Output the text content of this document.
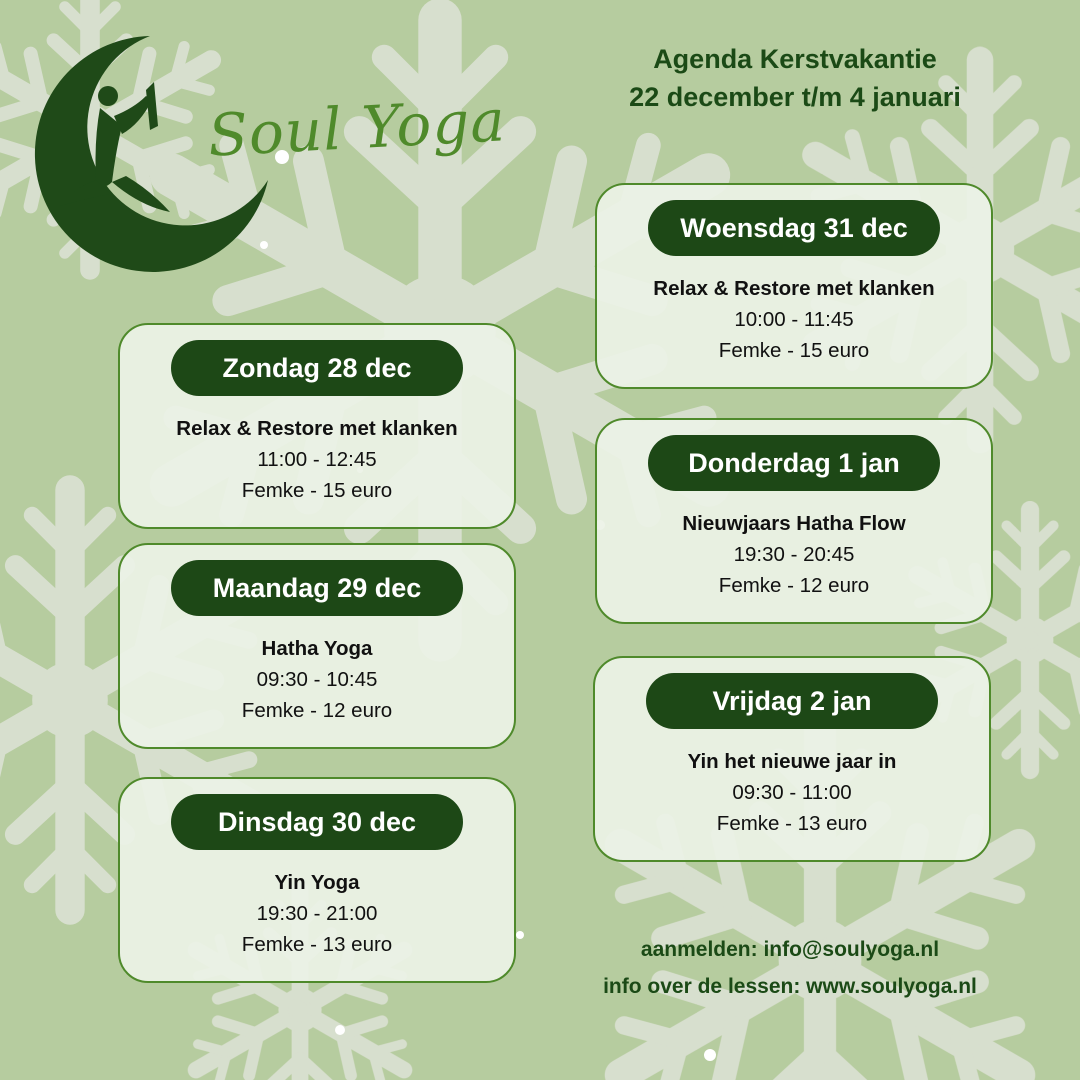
Soul Yoga
Agenda Kerstvakantie
22 december t/m 4 januari
Zondag 28 dec
Relax & Restore met klanken
11:00 - 12:45
Femke - 15 euro
Maandag 29 dec
Hatha Yoga
09:30 - 10:45
Femke - 12 euro
Dinsdag 30 dec
Yin Yoga
19:30 - 21:00
Femke - 13 euro
Woensdag 31 dec
Relax & Restore met klanken
10:00 - 11:45
Femke - 15 euro
Donderdag 1 jan
Nieuwjaars Hatha Flow
19:30 - 20:45
Femke - 12 euro
Vrijdag 2 jan
Yin het nieuwe jaar in
09:30 - 11:00
Femke - 13 euro
aanmelden: info@soulyoga.nl
info over de lessen: www.soulyoga.nl
